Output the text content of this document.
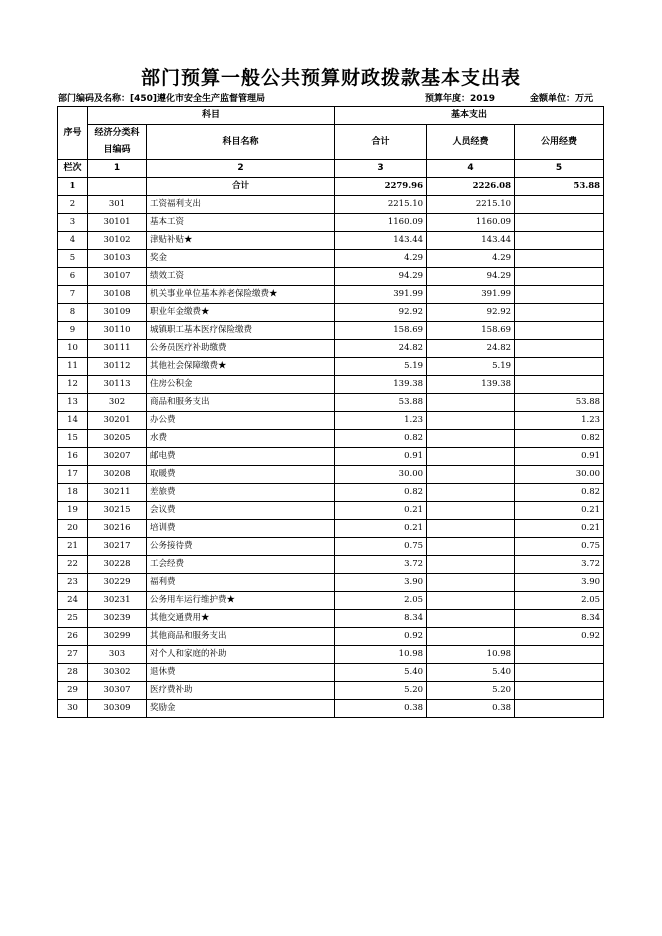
部门预算一般公共预算财政拨款基本支出表
部门编码及名称：[450]遵化市安全生产监督管理局	预算年度：2019	金额单位：万元
序号	科目		基本支出		
	经济分类科目编码	科目名称	合计	人员经费	公用经费
栏次	1	2	3	4	5
1		合计	2279.96	2226.08	53.88
2	301	工资福利支出	2215.10	2215.10	
3	30101	基本工资	1160.09	1160.09	
4	30102	津贴补贴★	143.44	143.44	
5	30103	奖金	4.29	4.29	
6	30107	绩效工资	94.29	94.29	
7	30108	机关事业单位基本养老保险缴费★	391.99	391.99	
8	30109	职业年金缴费★	92.92	92.92	
9	30110	城镇职工基本医疗保险缴费	158.69	158.69	
10	30111	公务员医疗补助缴费	24.82	24.82	
11	30112	其他社会保障缴费★	5.19	5.19	
12	30113	住房公积金	139.38	139.38	
13	302	商品和服务支出	53.88		53.88
14	30201	办公费	1.23		1.23
15	30205	水费	0.82		0.82
16	30207	邮电费	0.91		0.91
17	30208	取暖费	30.00		30.00
18	30211	差旅费	0.82		0.82
19	30215	会议费	0.21		0.21
20	30216	培训费	0.21		0.21
21	30217	公务接待费	0.75		0.75
22	30228	工会经费	3.72		3.72
23	30229	福利费	3.90		3.90
24	30231	公务用车运行维护费★	2.05		2.05
25	30239	其他交通费用★	8.34		8.34
26	30299	其他商品和服务支出	0.92		0.92
27	303	对个人和家庭的补助	10.98	10.98	
28	30302	退休费	5.40	5.40	
29	30307	医疗费补助	5.20	5.20	
30	30309	奖励金	0.38	0.38	
